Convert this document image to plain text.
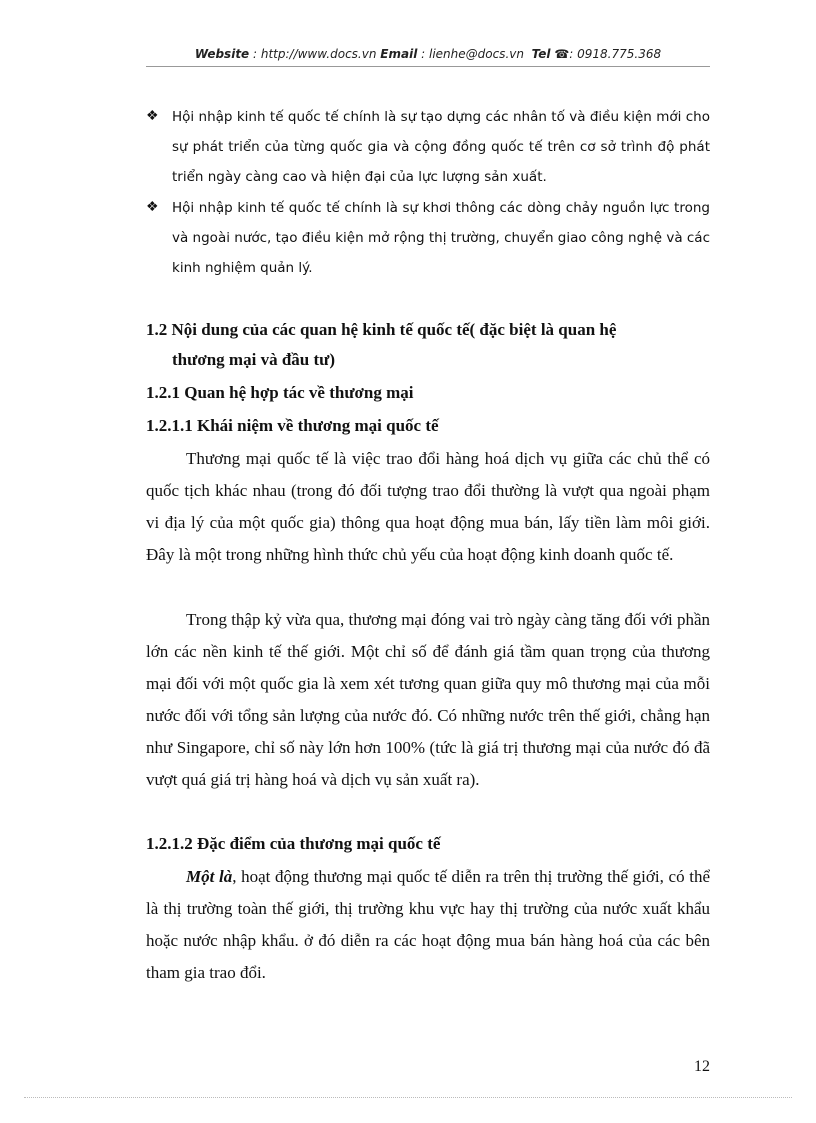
Website : http://www.docs.vn Email : lienhe@docs.vn Tel ☎: 0918.775.368
❖ Hội nhập kinh tế quốc tế chính là sự tạo dựng các nhân tố và điều kiện mới cho sự phát triển của từng quốc gia và cộng đồng quốc tế trên cơ sở trình độ phát triển ngày càng cao và hiện đại của lực lượng sản xuất.
❖ Hội nhập kinh tế quốc tế chính là sự khơi thông các dòng chảy nguồn lực trong và ngoài nước, tạo điều kiện mở rộng thị trường, chuyển giao công nghệ và các kinh nghiệm quản lý.
1.2 Nội dung của các quan hệ kinh tế quốc tế( đặc biệt là quan hệ
thương mại và đầu tư)
1.2.1 Quan hệ hợp tác về thương mại
1.2.1.1 Khái niệm về thương mại quốc tế
Thương mại quốc tế là việc trao đổi hàng hoá dịch vụ giữa các chủ thể có quốc tịch khác nhau (trong đó đối tượng trao đổi thường là vượt qua ngoài phạm vi địa lý của một quốc gia) thông qua hoạt động mua bán, lấy tiền làm môi giới. Đây là một trong những hình thức chủ yếu của hoạt động kinh doanh quốc tế.
Trong thập kỷ vừa qua, thương mại đóng vai trò ngày càng tăng đối với phần lớn các nền kinh tế thế giới. Một chỉ số để đánh giá tầm quan trọng của thương mại đối với một quốc gia là xem xét tương quan giữa quy mô thương mại của mỗi nước đối với tổng sản lượng của nước đó. Có những nước trên thế giới, chẳng hạn như Singapore, chỉ số này lớn hơn 100% (tức là giá trị thương mại của nước đó đã vượt quá giá trị hàng hoá và dịch vụ sản xuất ra).
1.2.1.2 Đặc điểm của thương mại quốc tế
Một là, hoạt động thương mại quốc tế diễn ra trên thị trường thế giới, có thể là thị trường toàn thế giới, thị trường khu vực hay thị trường của nước xuất khẩu hoặc nước nhập khẩu. ở đó diễn ra các hoạt động mua bán hàng hoá của các bên tham gia trao đổi.
12
